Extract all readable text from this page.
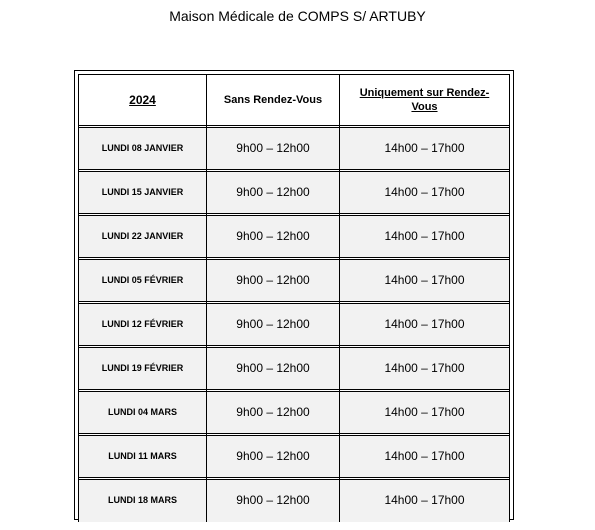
Maison Médicale de COMPS S/ ARTUBY
2024	Sans Rendez-Vous	Uniquement sur Rendez-Vous
LUNDI 08 JANVIER	9h00 – 12h00	14h00 – 17h00
LUNDI 15 JANVIER	9h00 – 12h00	14h00 – 17h00
LUNDI 22 JANVIER	9h00 – 12h00	14h00 – 17h00
LUNDI 05 FÉVRIER	9h00 – 12h00	14h00 – 17h00
LUNDI 12 FÉVRIER	9h00 – 12h00	14h00 – 17h00
LUNDI 19 FÉVRIER	9h00 – 12h00	14h00 – 17h00
LUNDI 04 MARS	9h00 – 12h00	14h00 – 17h00
LUNDI 11 MARS	9h00 – 12h00	14h00 – 17h00
LUNDI 18 MARS	9h00 – 12h00	14h00 – 17h00
